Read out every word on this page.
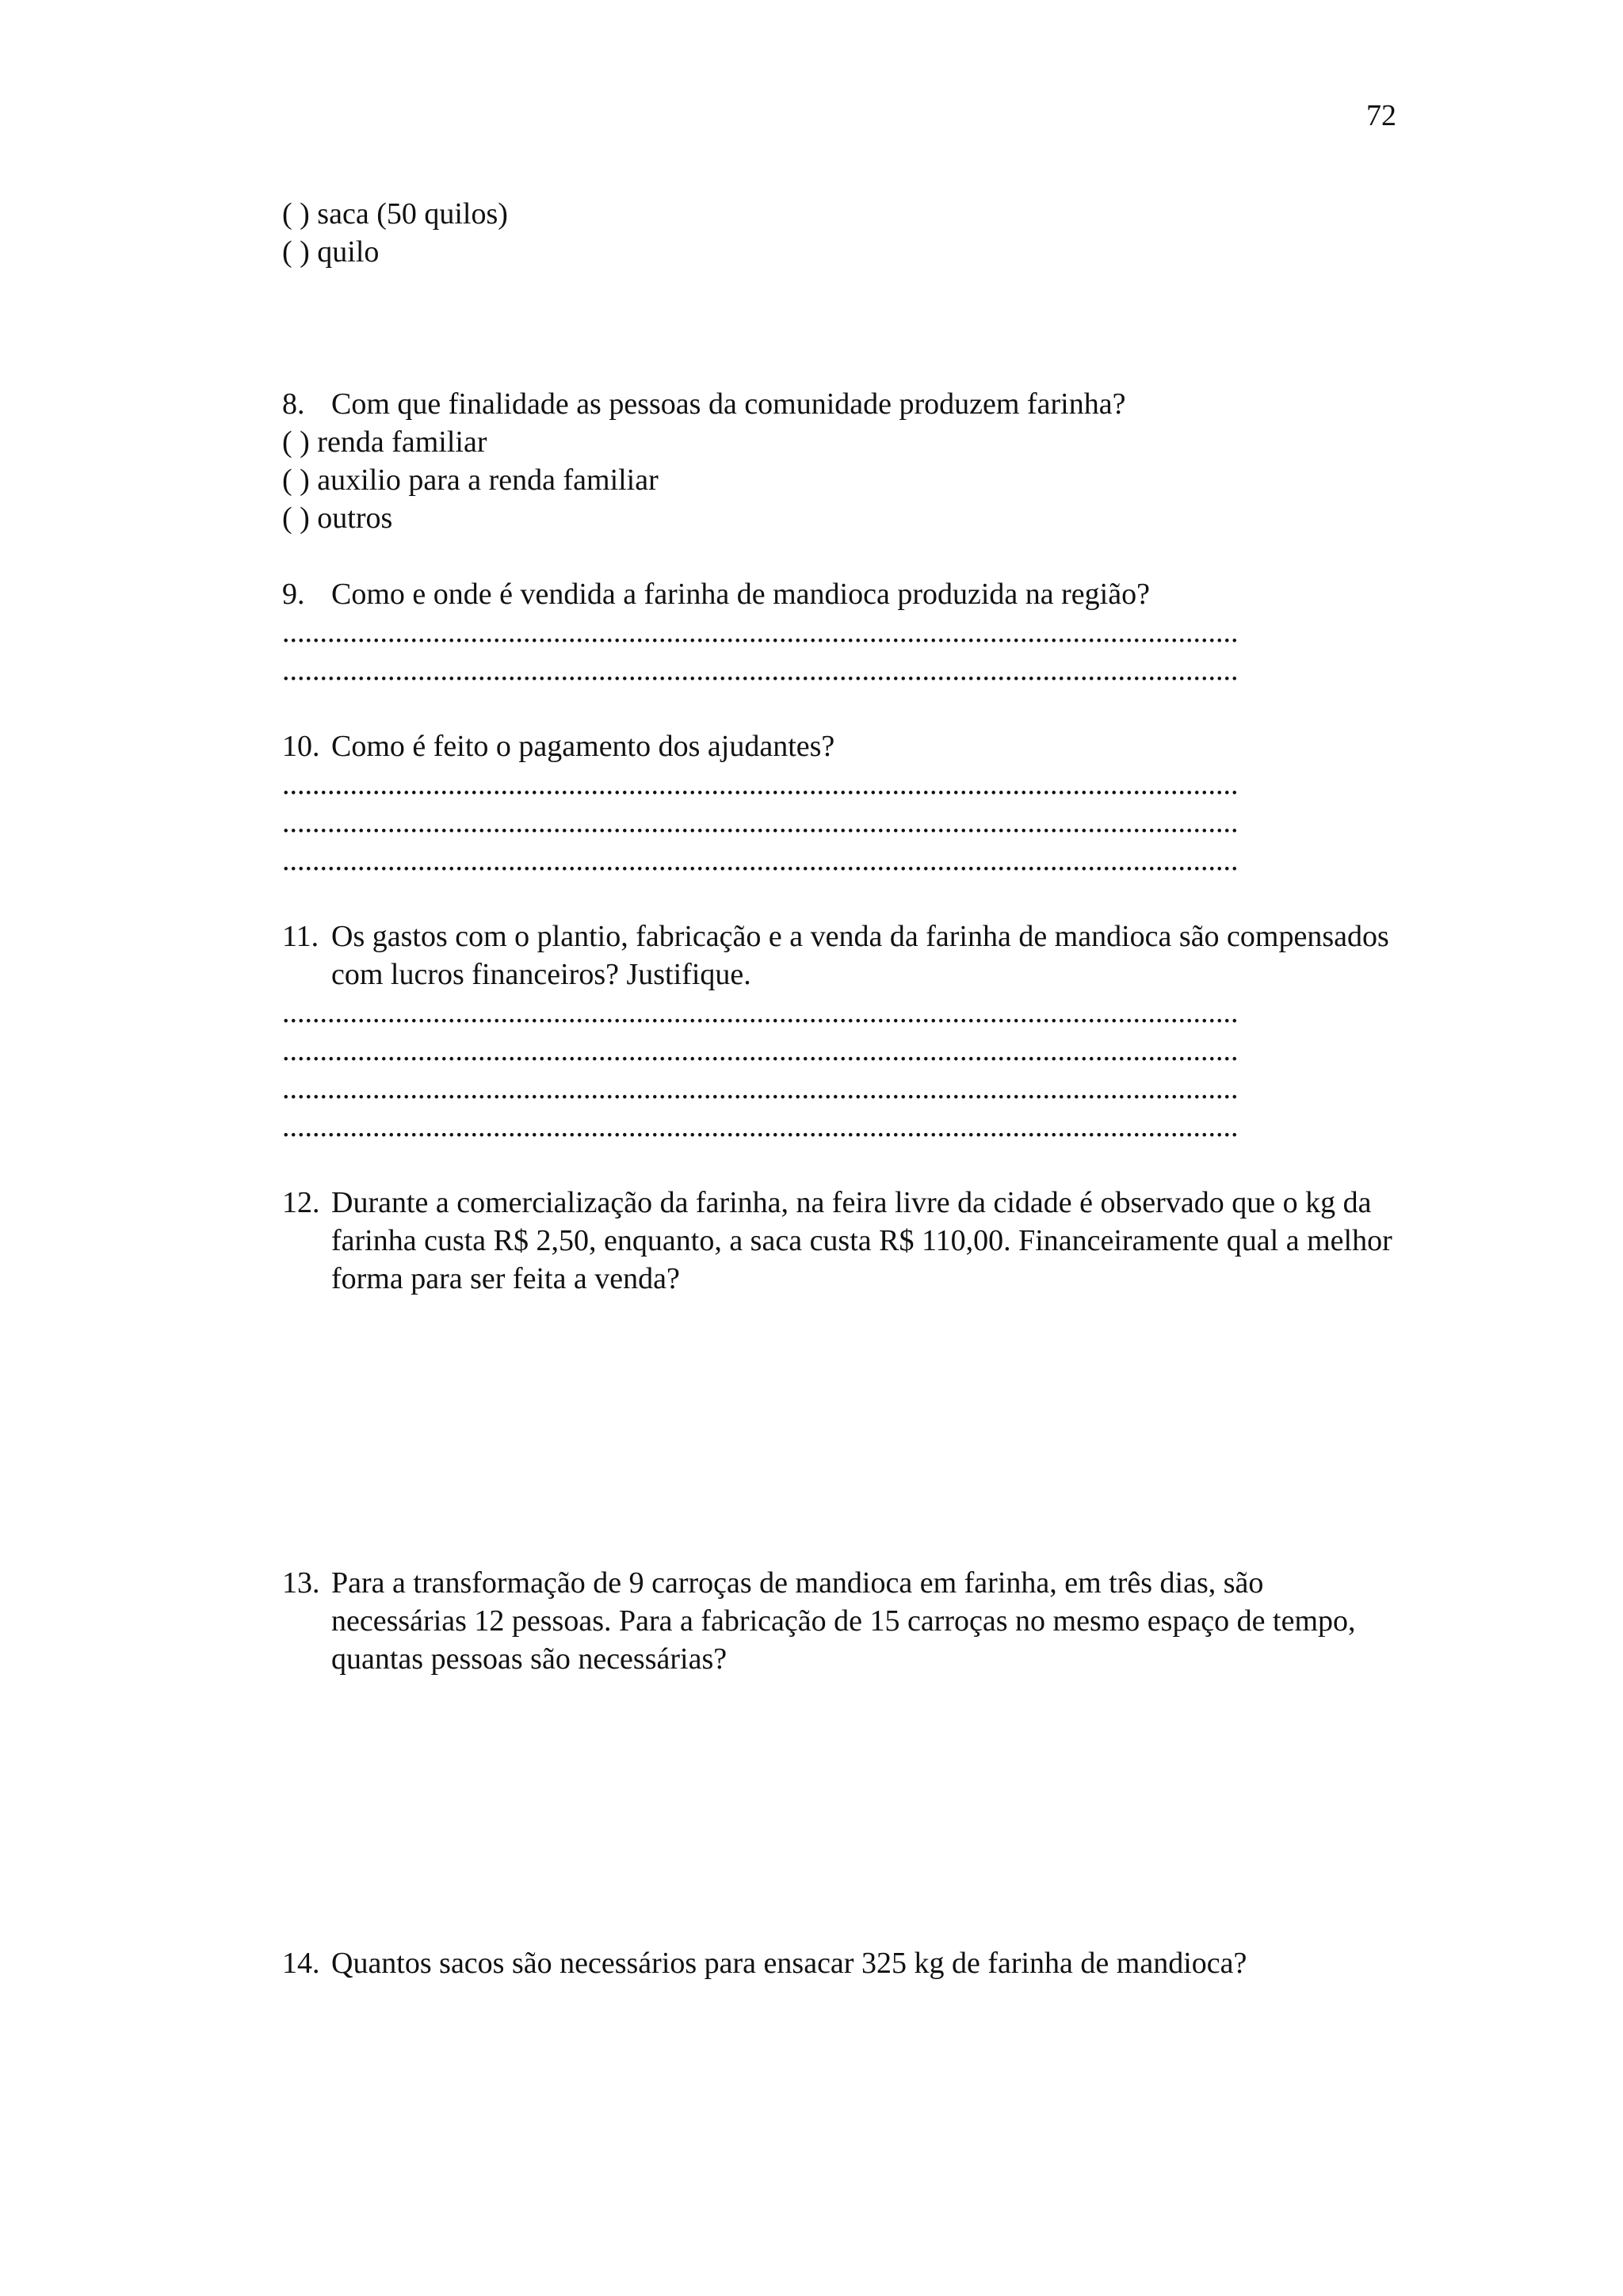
72
( ) saca (50 quilos)
( ) quilo
8. Com que finalidade as pessoas da comunidade produzem farinha?
( ) renda familiar
( ) auxilio para a renda familiar
( ) outros
9. Como e onde é vendida a farinha de mandioca produzida na região?
...............................................................................................................................
...............................................................................................................................
10. Como é feito o pagamento dos ajudantes?
...............................................................................................................................
...............................................................................................................................
...............................................................................................................................
11. Os gastos com o plantio, fabricação e a venda da farinha de mandioca são compensados com lucros financeiros? Justifique.
...............................................................................................................................
...............................................................................................................................
...............................................................................................................................
...............................................................................................................................
12. Durante a comercialização da farinha, na feira livre da cidade é observado que o kg da farinha custa R$ 2,50, enquanto, a saca custa R$ 110,00. Financeiramente qual a melhor forma para ser feita a venda?
13. Para a transformação de 9 carroças de mandioca em farinha, em três dias, são necessárias 12 pessoas. Para a fabricação de 15 carroças no mesmo espaço de tempo, quantas pessoas são necessárias?
14. Quantos sacos são necessários para ensacar 325 kg de farinha de mandioca?
